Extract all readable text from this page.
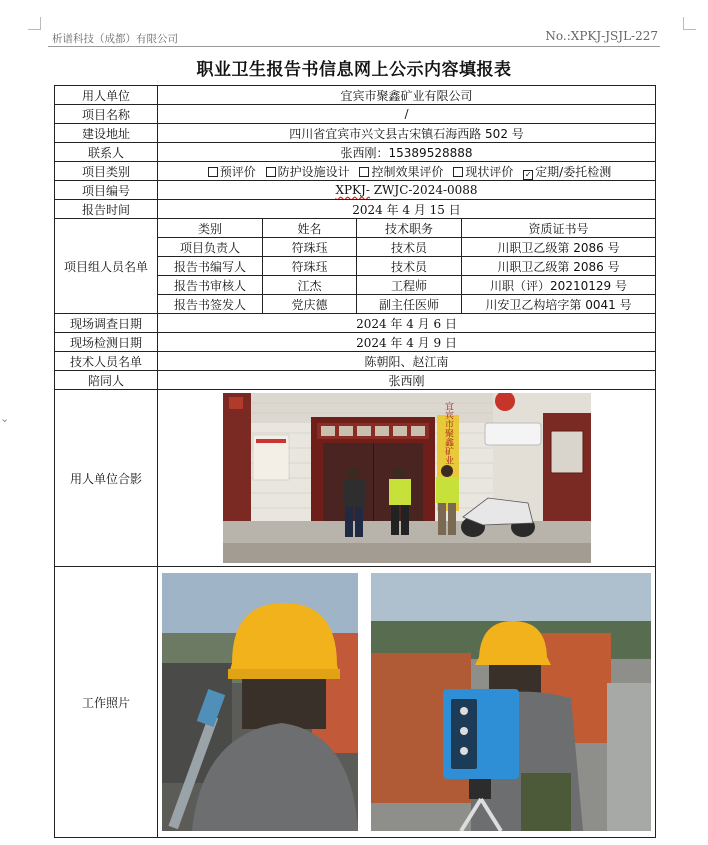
⌄
析谱科技（成都）有限公司	No.:XPKJ-JSJL-227
职业卫生报告书信息网上公示内容填报表
用人单位	宜宾市聚鑫矿业有限公司			
项目名称	/			
建设地址	四川省宜宾市兴文县古宋镇石海西路 502 号			
联系人	张西刚：15389528888			
项目类别	预评价 防护设施设计 控制效果评价 现状评价 ✓ 定期/委托检测			
项目编号	XPKJ- ZWJC-2024-0088			
报告时间	2024 年 4 月 15 日			
项目组人员名单	类别	姓名	技术职务	资质证书号
	项目负责人	符珠珏	技术员	川职卫乙级第 2086 号
	报告书编写人	符珠珏	技术员	川职卫乙级第 2086 号
	报告书审核人	江杰	工程师	川职（评）20210129 号
	报告书签发人	党庆德	副主任医师	川安卫乙构培字第 0041 号
现场调查日期	2024 年 4 月 6 日			
现场检测日期	2024 年 4 月 9 日			
技术人员名单	陈朝阳、赵江南			
陪同人	张西刚			
用人单位合影	宜宾市聚鑫矿业			

工作照片	
